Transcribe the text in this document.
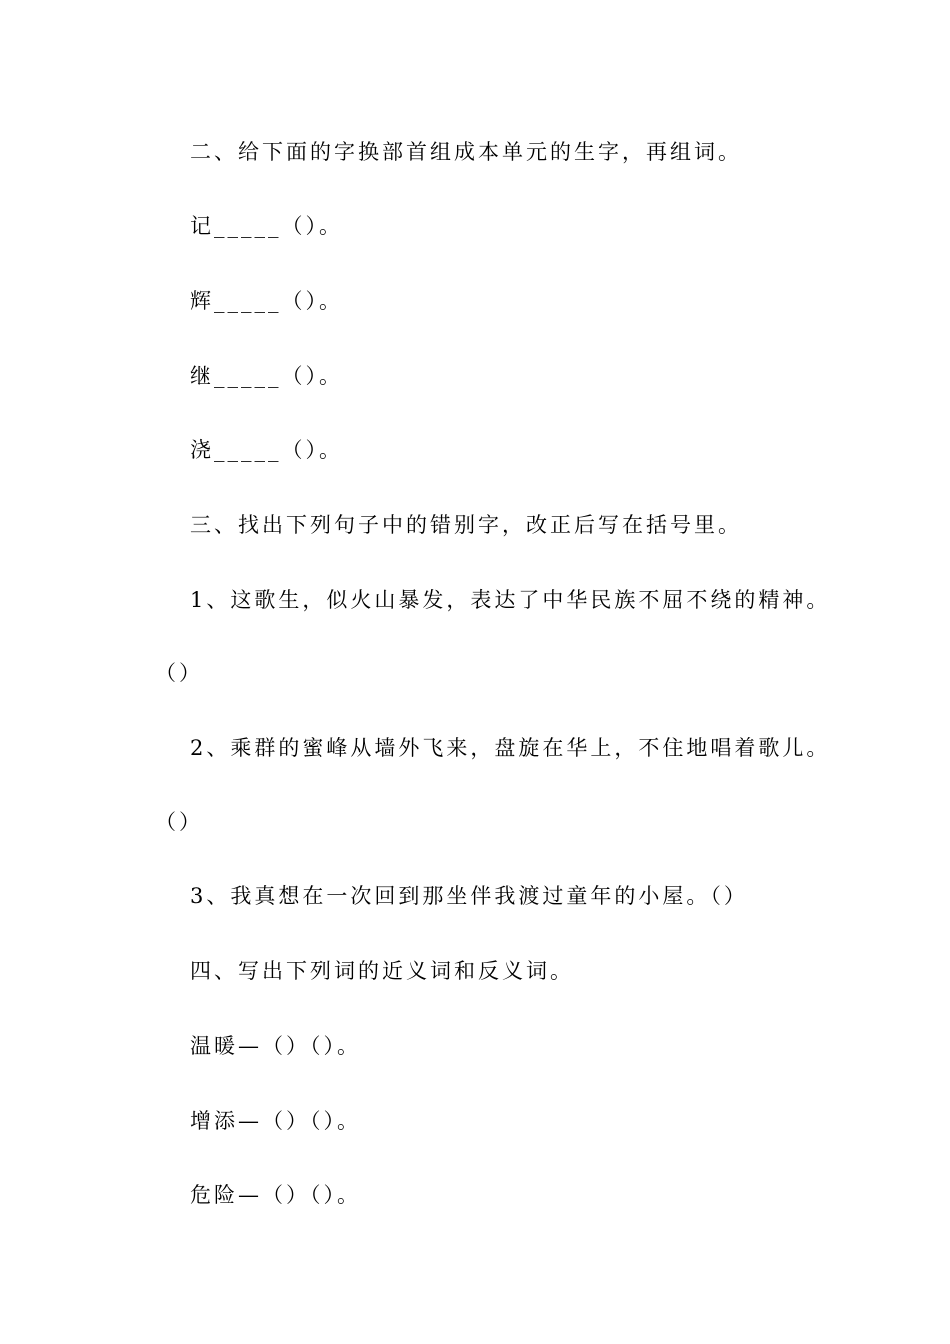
二、给下面的字换部首组成本单元的生字，再组词。
记_____（）。
辉_____（）。
继_____（）。
浇_____（）。
三、找出下列句子中的错别字，改正后写在括号里。
1、这歌生，似火山暴发，表达了中华民族不屈不绕的精神。
（）
2、乘群的蜜峰从墙外飞来，盘旋在华上，不住地唱着歌儿。
（）
3、我真想在一次回到那坐伴我渡过童年的小屋。（）
四、写出下列词的近义词和反义词。
温暖—（）（）。
增添—（）（）。
危险—（）（）。
